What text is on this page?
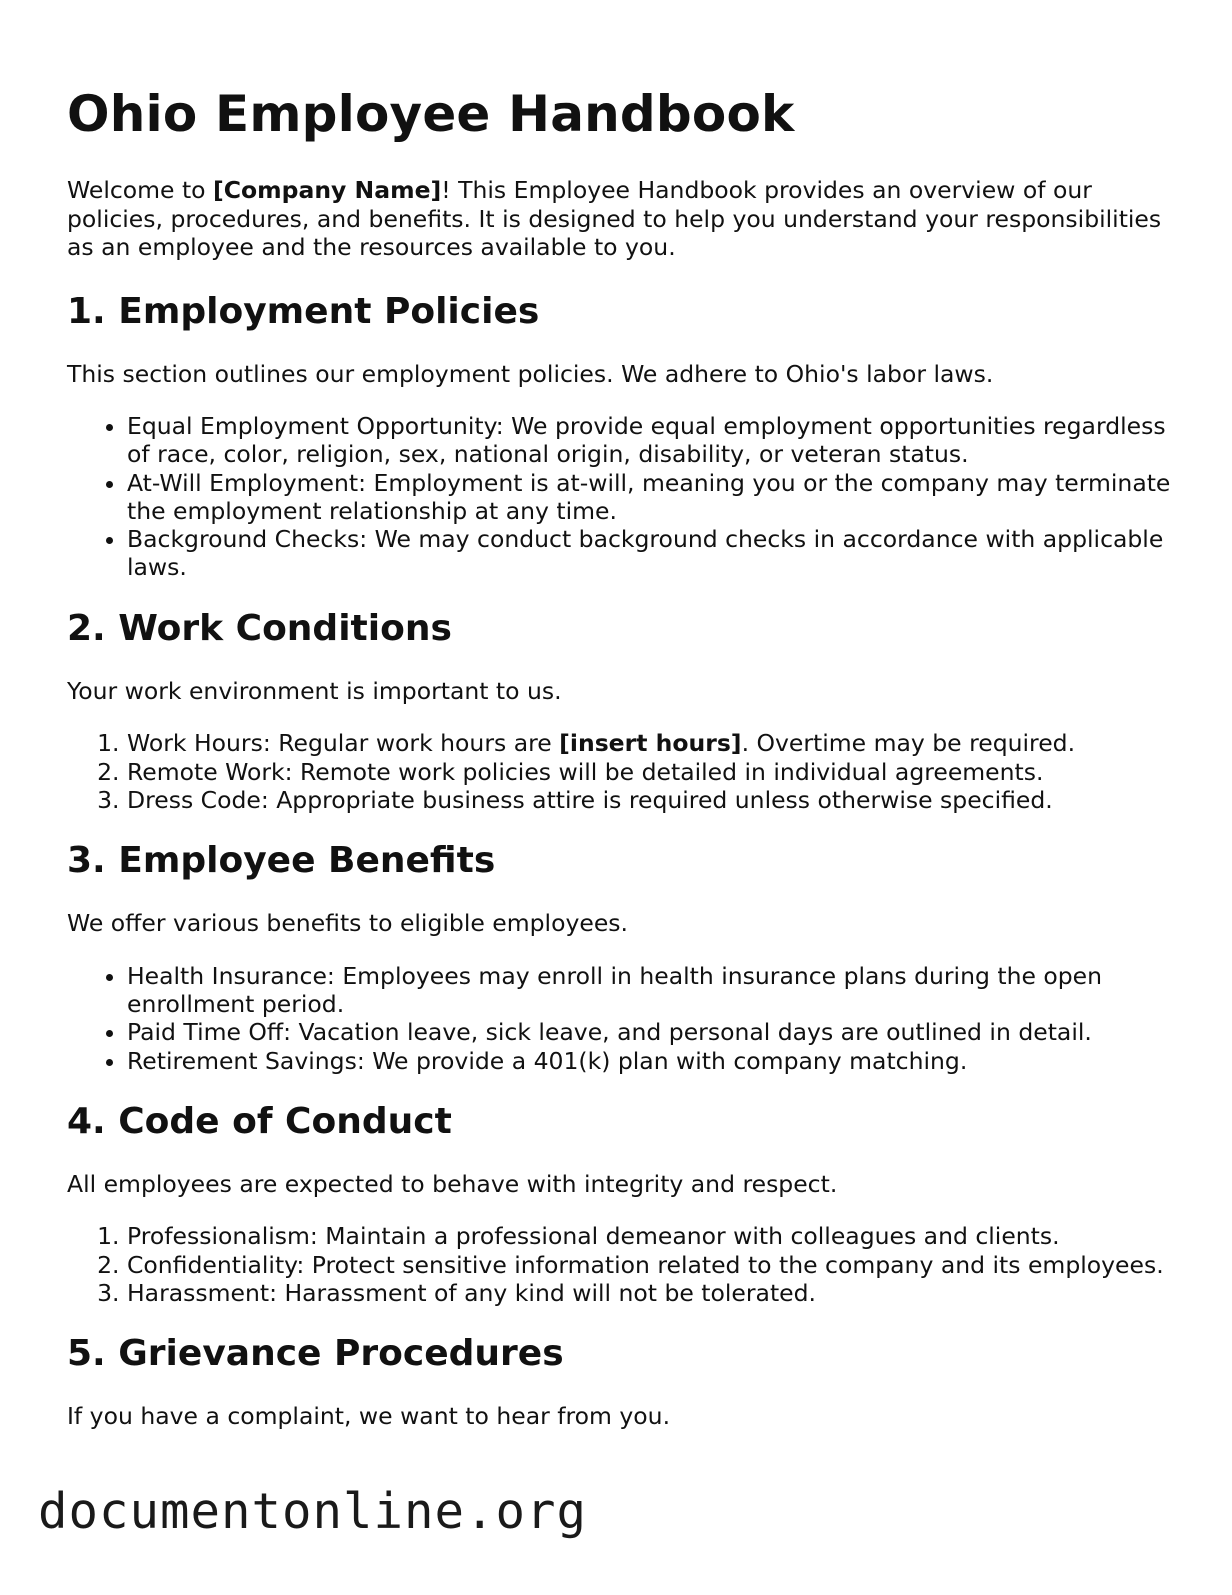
Ohio Employee Handbook

Welcome to [Company Name]! This Employee Handbook provides an overview of our policies, procedures, and benefits. It is designed to help you understand your responsibilities as an employee and the resources available to you.

1. Employment Policies

This section outlines our employment policies. We adhere to Ohio's labor laws.

• Equal Employment Opportunity: We provide equal employment opportunities regardless of race, color, religion, sex, national origin, disability, or veteran status.
• At-Will Employment: Employment is at-will, meaning you or the company may terminate the employment relationship at any time.
• Background Checks: We may conduct background checks in accordance with applicable laws.
2. Work Conditions

Your work environment is important to us.

1. Work Hours: Regular work hours are [insert hours]. Overtime may be required.
2. Remote Work: Remote work policies will be detailed in individual agreements.
3. Dress Code: Appropriate business attire is required unless otherwise specified.
3. Employee Benefits

We offer various benefits to eligible employees.

• Health Insurance: Employees may enroll in health insurance plans during the open enrollment period.
• Paid Time Off: Vacation leave, sick leave, and personal days are outlined in detail.
• Retirement Savings: We provide a 401(k) plan with company matching.
4. Code of Conduct

All employees are expected to behave with integrity and respect.

1. Professionalism: Maintain a professional demeanor with colleagues and clients.
2. Confidentiality: Protect sensitive information related to the company and its employees.
3. Harassment: Harassment of any kind will not be tolerated.
5. Grievance Procedures

If you have a complaint, we want to hear from you.

documentonline.org
